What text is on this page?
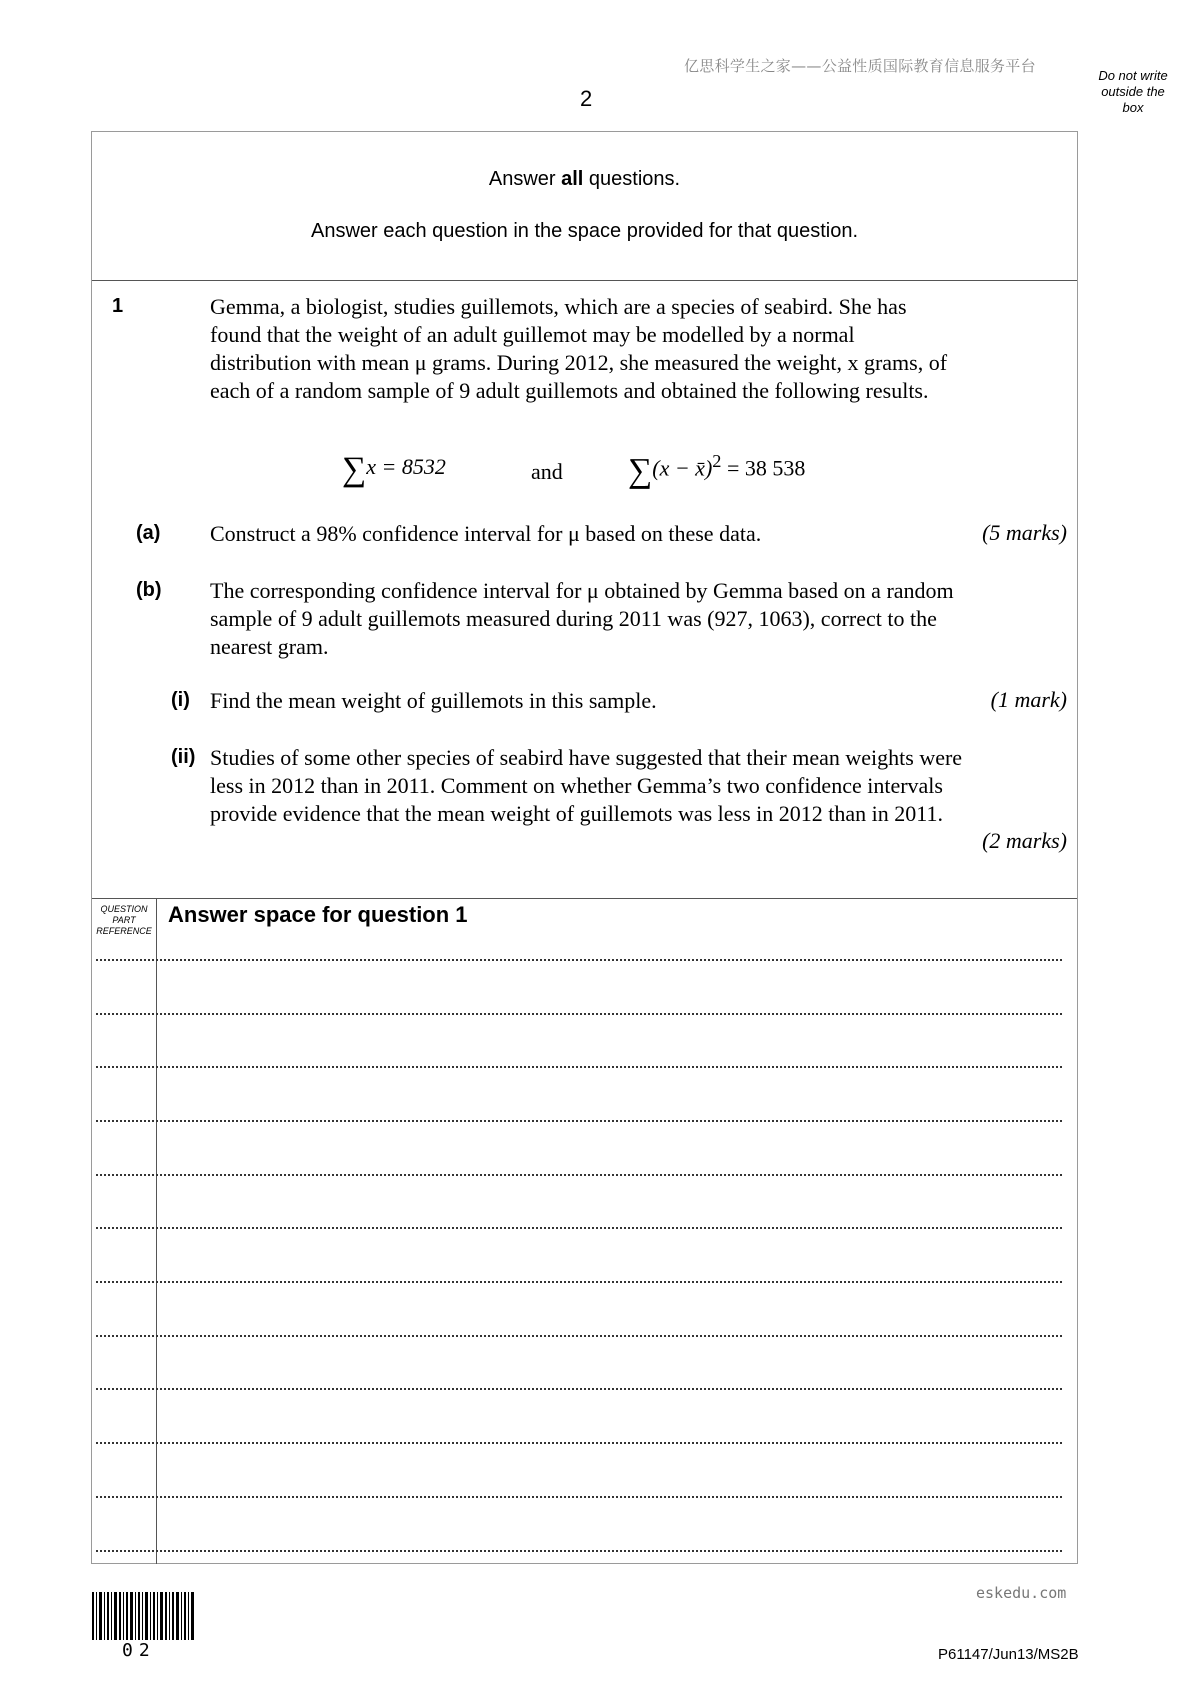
亿思科学生之家——公益性质国际教育信息服务平台
Do not write
outside the
box
2
Answer all questions.
Answer each question in the space provided for that question.
1	Gemma, a biologist, studies guillemots, which are a species of seabird. She has
found that the weight of an adult guillemot may be modelled by a normal
distribution with mean μ grams. During 2012, she measured the weight, x grams, of
each of a random sample of 9 adult guillemots and obtained the following results.
∑x = 8532	and ∑(x − x̄)$^2$ = 38 538
(a) Construct a 98% confidence interval for μ based on these data.	(5 marks)
(b) The corresponding confidence interval for μ obtained by Gemma based on a random
sample of 9 adult guillemots measured during 2011 was (927, 1063), correct to the
nearest gram.
(i) Find the mean weight of guillemots in this sample.	(1 mark)
(ii) Studies of some other species of seabird have suggested that their mean weights were
less in 2012 than in 2011. Comment on whether Gemma’s two confidence intervals
provide evidence that the mean weight of guillemots was less in 2012 than in 2011.
(2 marks)
QUESTION
PART
REFERENCE
Answer space for question 1
02
eskedu.com
P61147/Jun13/MS2B
